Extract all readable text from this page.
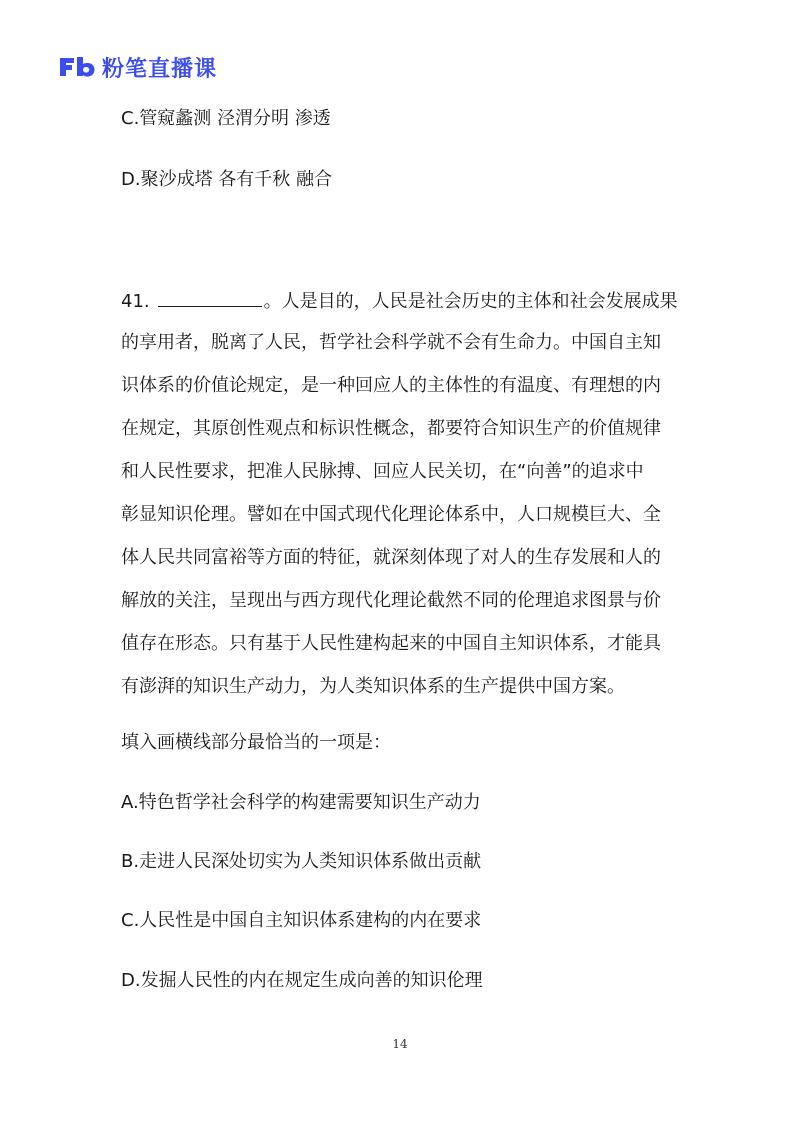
粉笔直播课
C.管窥蠡测 泾渭分明 渗透
D.聚沙成塔 各有千秋 融合
41.	。人是目的，人民是社会历史的主体和社会发展成果
的享用者，脱离了人民，哲学社会科学就不会有生命力。中国自主知
识体系的价值论规定，是一种回应人的主体性的有温度、有理想的内
在规定，其原创性观点和标识性概念，都要符合知识生产的价值规律
和人民性要求，把准人民脉搏、回应人民关切，在“向善”的追求中
彰显知识伦理。譬如在中国式现代化理论体系中，人口规模巨大、全
体人民共同富裕等方面的特征，就深刻体现了对人的生存发展和人的
解放的关注，呈现出与西方现代化理论截然不同的伦理追求图景与价
值存在形态。只有基于人民性建构起来的中国自主知识体系，才能具
有澎湃的知识生产动力，为人类知识体系的生产提供中国方案。
填入画横线部分最恰当的一项是：
A.特色哲学社会科学的构建需要知识生产动力
B.走进人民深处切实为人类知识体系做出贡献
C.人民性是中国自主知识体系建构的内在要求
D.发掘人民性的内在规定生成向善的知识伦理
14
